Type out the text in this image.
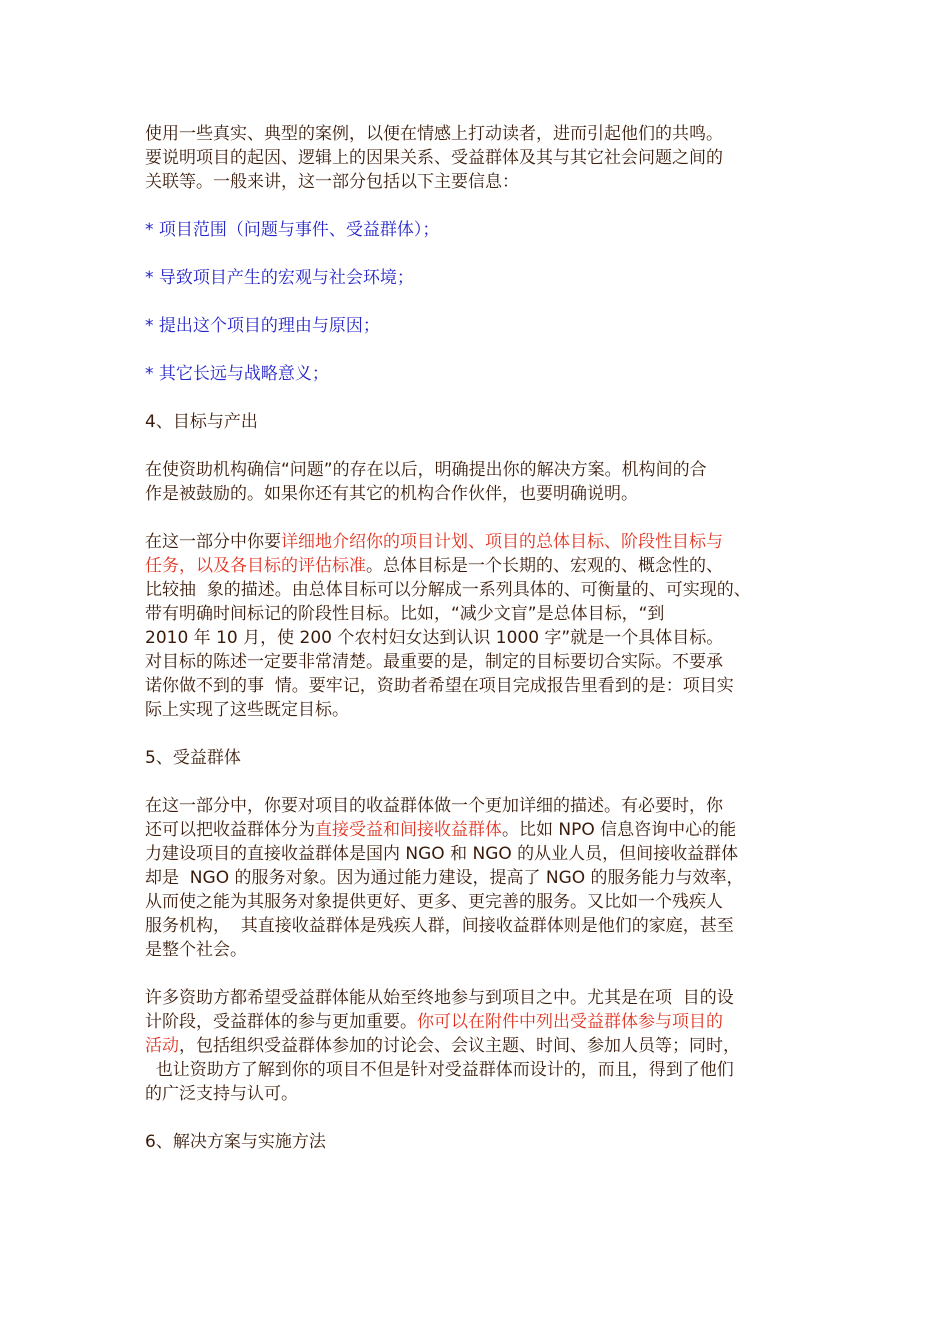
使用一些真实、典型的案例，以便在情感上打动读者，进而引起他们的共鸣。
要说明项目的起因、逻辑上的因果关系、受益群体及其与其它社会问题之间的
关联等。一般来讲，这一部分包括以下主要信息：
* 项目范围（问题与事件、受益群体）；
* 导致项目产生的宏观与社会环境；
* 提出这个项目的理由与原因；
* 其它长远与战略意义；
4、目标与产出
在使资助机构确信“问题”的存在以后，明确提出你的解决方案。机构间的合
作是被鼓励的。如果你还有其它的机构合作伙伴，也要明确说明。
在这一部分中你要详细地介绍你的项目计划、项目的总体目标、阶段性目标与
任务，以及各目标的评估标准。总体目标是一个长期的、宏观的、概念性的、
比较抽  象的描述。由总体目标可以分解成一系列具体的、可衡量的、可实现的、
带有明确时间标记的阶段性目标。比如，“减少文盲”是总体目标，“到
2010 年 10 月，使 200 个农村妇女达到认识 1000 字”就是一个具体目标。
对目标的陈述一定要非常清楚。最重要的是，制定的目标要切合实际。不要承
诺你做不到的事  情。要牢记，资助者希望在项目完成报告里看到的是：项目实
际上实现了这些既定目标。
5、受益群体
在这一部分中，你要对项目的收益群体做一个更加详细的描述。有必要时，你
还可以把收益群体分为直接受益和间接收益群体。比如 NPO 信息咨询中心的能
力建设项目的直接收益群体是国内 NGO 和 NGO 的从业人员，但间接收益群体
却是  NGO 的服务对象。因为通过能力建设，提高了 NGO 的服务能力与效率，
从而使之能为其服务对象提供更好、更多、更完善的服务。又比如一个残疾人
服务机构，  其直接收益群体是残疾人群，间接收益群体则是他们的家庭，甚至
是整个社会。
许多资助方都希望受益群体能从始至终地参与到项目之中。尤其是在项  目的设
计阶段，受益群体的参与更加重要。你可以在附件中列出受益群体参与项目的
活动，包括组织受益群体参加的讨论会、会议主题、时间、参加人员等；同时，
也让资助方了解到你的项目不但是针对受益群体而设计的，而且，得到了他们
的广泛支持与认可。
6、解决方案与实施方法
